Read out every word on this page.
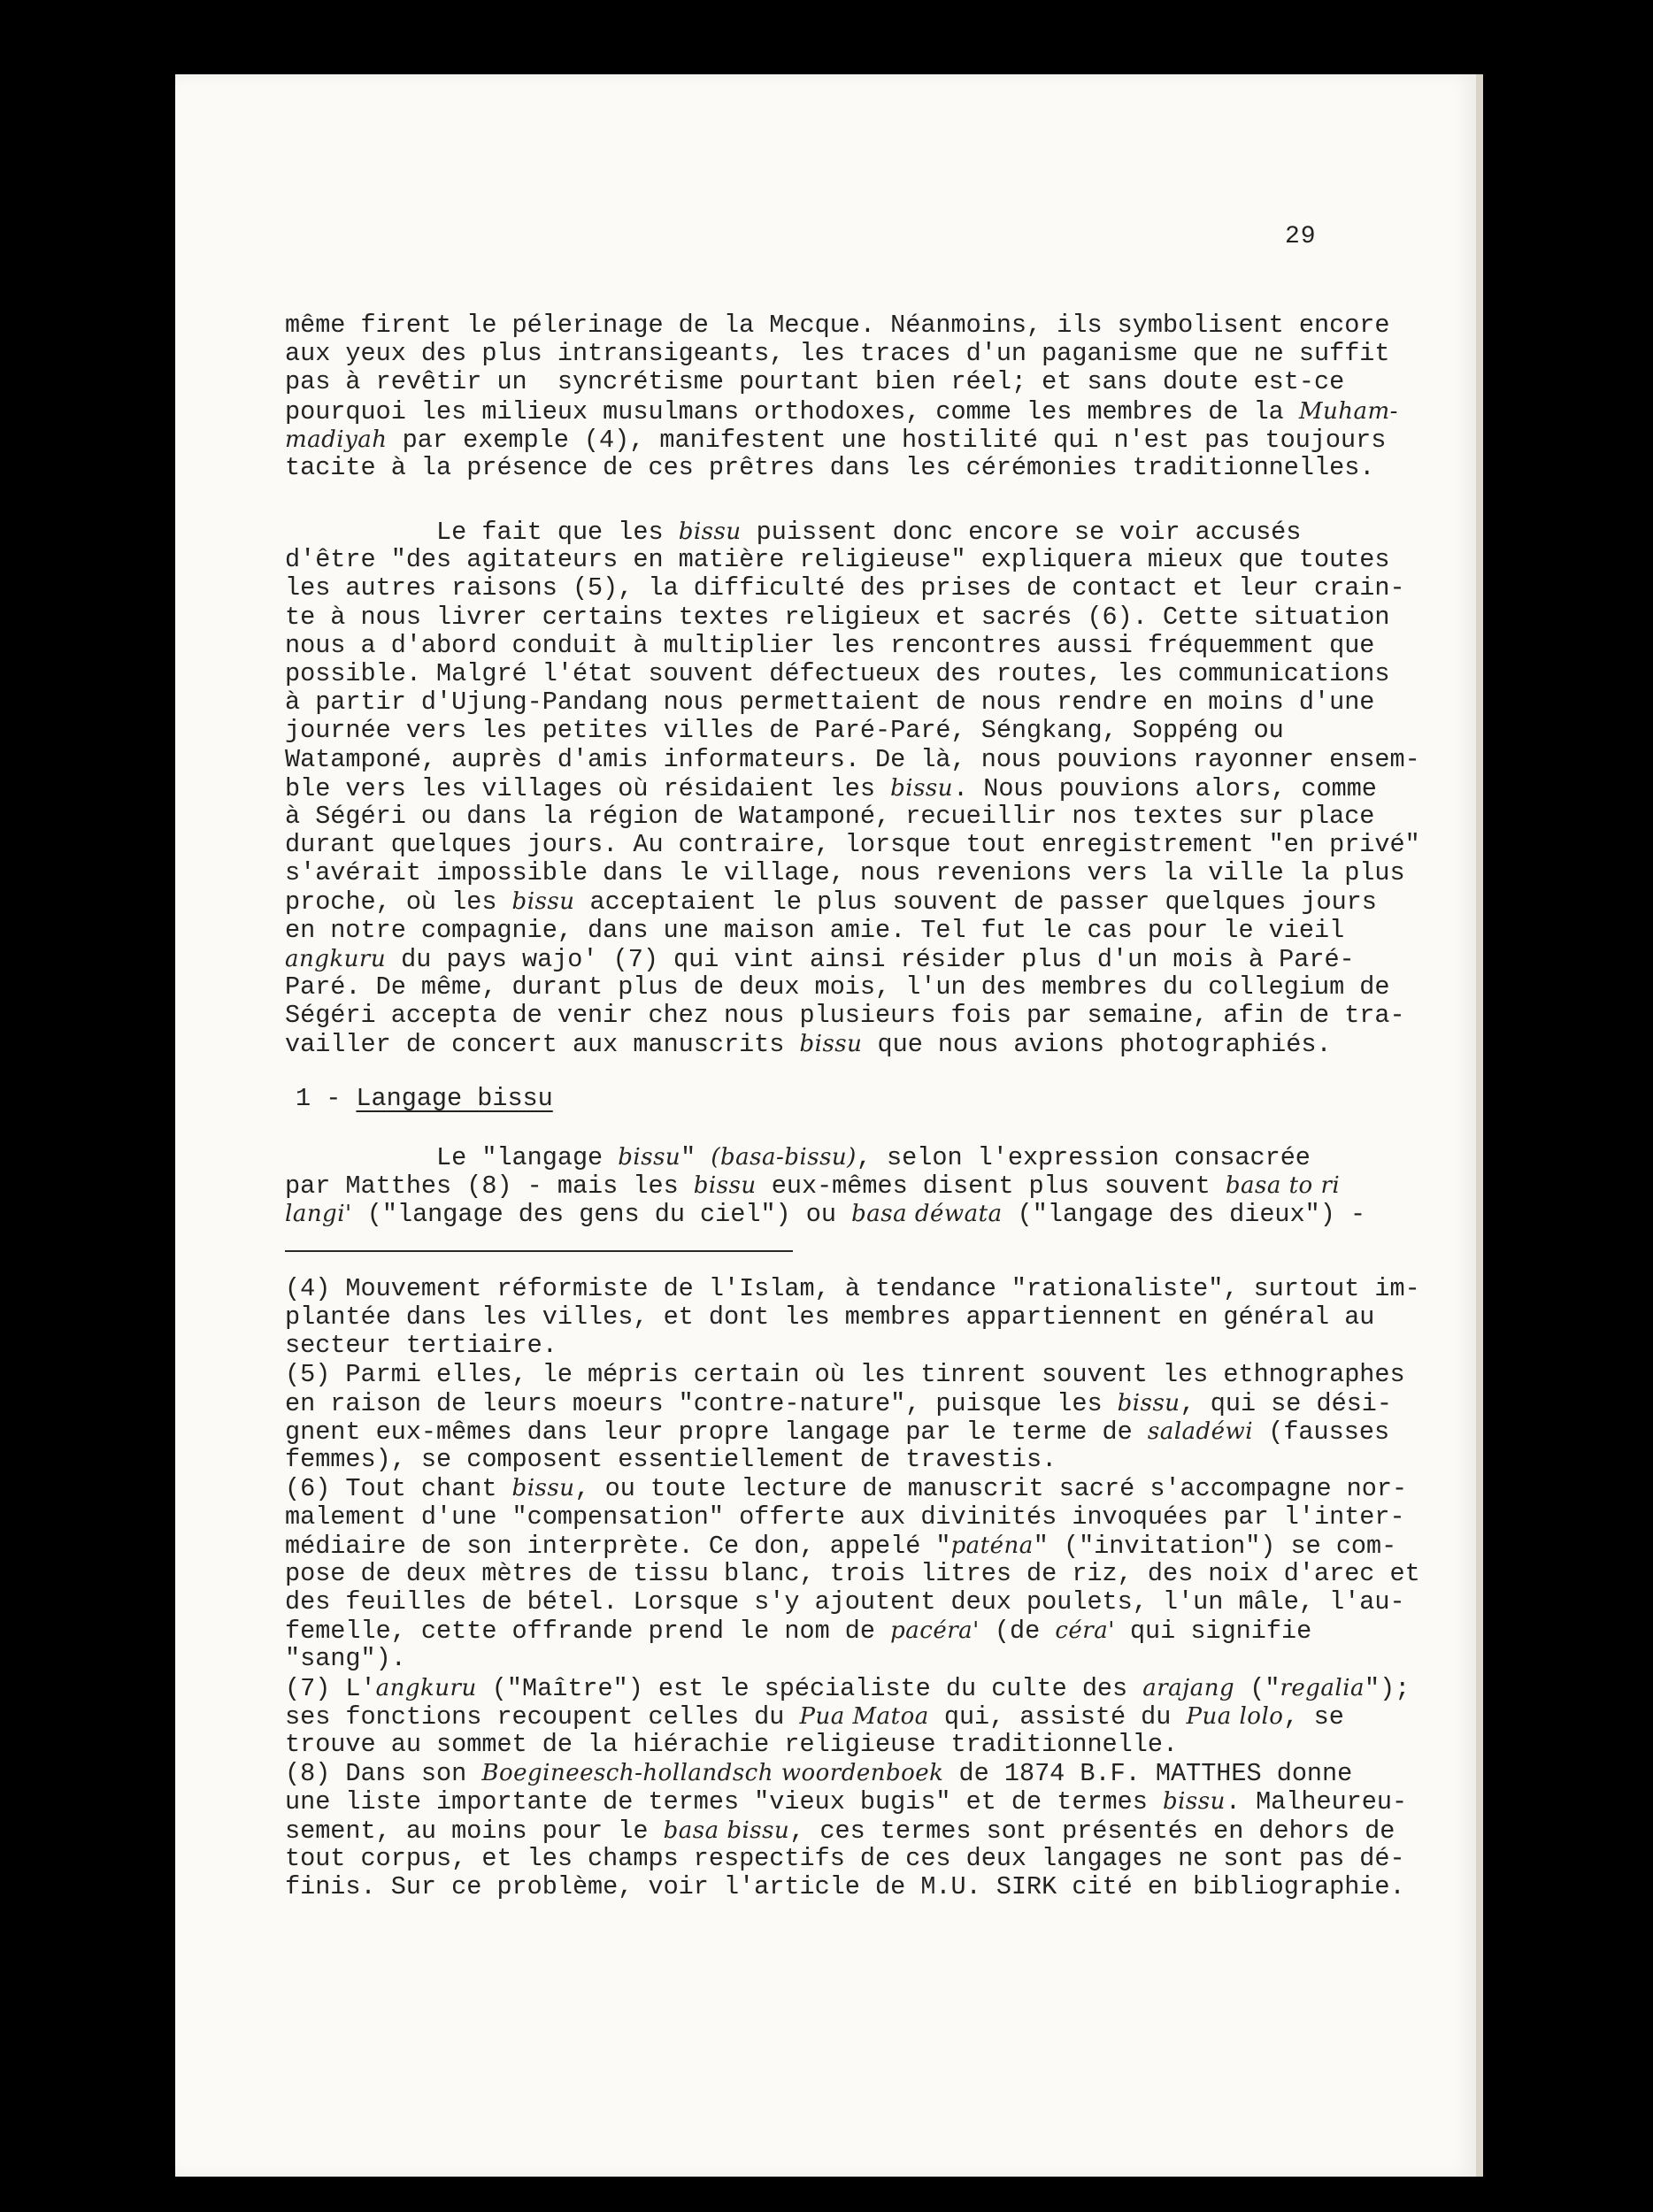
29
même firent le pélerinage de la Mecque. Néanmoins, ils symbolisent encore
aux yeux des plus intransigeants, les traces d'un paganisme que ne suffit
pas à revêtir un  syncrétisme pourtant bien réel; et sans doute est-ce
pourquoi les milieux musulmans orthodoxes, comme les membres de la Muham-
madiyah par exemple (4), manifestent une hostilité qui n'est pas toujours
tacite à la présence de ces prêtres dans les cérémonies traditionnelles.
Le fait que les bissu puissent donc encore se voir accusés
d'être "des agitateurs en matière religieuse" expliquera mieux que toutes
les autres raisons (5), la difficulté des prises de contact et leur crain-
te à nous livrer certains textes religieux et sacrés (6). Cette situation
nous a d'abord conduit à multiplier les rencontres aussi fréquemment que
possible. Malgré l'état souvent défectueux des routes, les communications
à partir d'Ujung-Pandang nous permettaient de nous rendre en moins d'une
journée vers les petites villes de Paré-Paré, Séngkang, Soppéng ou
Watamponé, auprès d'amis informateurs. De là, nous pouvions rayonner ensem-
ble vers les villages où résidaient les bissu. Nous pouvions alors, comme
à Ségéri ou dans la région de Watamponé, recueillir nos textes sur place
durant quelques jours. Au contraire, lorsque tout enregistrement "en privé"
s'avérait impossible dans le village, nous revenions vers la ville la plus
proche, où les bissu acceptaient le plus souvent de passer quelques jours
en notre compagnie, dans une maison amie. Tel fut le cas pour le vieil
angkuru du pays wajo' (7) qui vint ainsi résider plus d'un mois à Paré-
Paré. De même, durant plus de deux mois, l'un des membres du collegium de
Ségéri accepta de venir chez nous plusieurs fois par semaine, afin de tra-
vailler de concert aux manuscrits bissu que nous avions photographiés.
1 - Langage bissu
Le "langage bissu" (basa-bissu), selon l'expression consacrée
par Matthes (8) - mais les bissu eux-mêmes disent plus souvent basa to ri
langi' ("langage des gens du ciel") ou basa déwata ("langage des dieux") -
(4) Mouvement réformiste de l'Islam, à tendance "rationaliste", surtout im-
plantée dans les villes, et dont les membres appartiennent en général au
secteur tertiaire.
(5) Parmi elles, le mépris certain où les tinrent souvent les ethnographes
en raison de leurs moeurs "contre-nature", puisque les bissu, qui se dési-
gnent eux-mêmes dans leur propre langage par le terme de saladéwi (fausses
femmes), se composent essentiellement de travestis.
(6) Tout chant bissu, ou toute lecture de manuscrit sacré s'accompagne nor-
malement d'une "compensation" offerte aux divinités invoquées par l'inter-
médiaire de son interprète. Ce don, appelé "paténa" ("invitation") se com-
pose de deux mètres de tissu blanc, trois litres de riz, des noix d'arec et
des feuilles de bétel. Lorsque s'y ajoutent deux poulets, l'un mâle, l'au-
femelle, cette offrande prend le nom de pacéra' (de céra' qui signifie
"sang").
(7) L'angkuru ("Maître") est le spécialiste du culte des arajang ("regalia");
ses fonctions recoupent celles du Pua Matoa qui, assisté du Pua lolo, se
trouve au sommet de la hiérachie religieuse traditionnelle.
(8) Dans son Boegineesch-hollandsch woordenboek de 1874 B.F. MATTHES donne
une liste importante de termes "vieux bugis" et de termes bissu. Malheureu-
sement, au moins pour le basa bissu, ces termes sont présentés en dehors de
tout corpus, et les champs respectifs de ces deux langages ne sont pas dé-
finis. Sur ce problème, voir l'article de M.U. SIRK cité en bibliographie.
